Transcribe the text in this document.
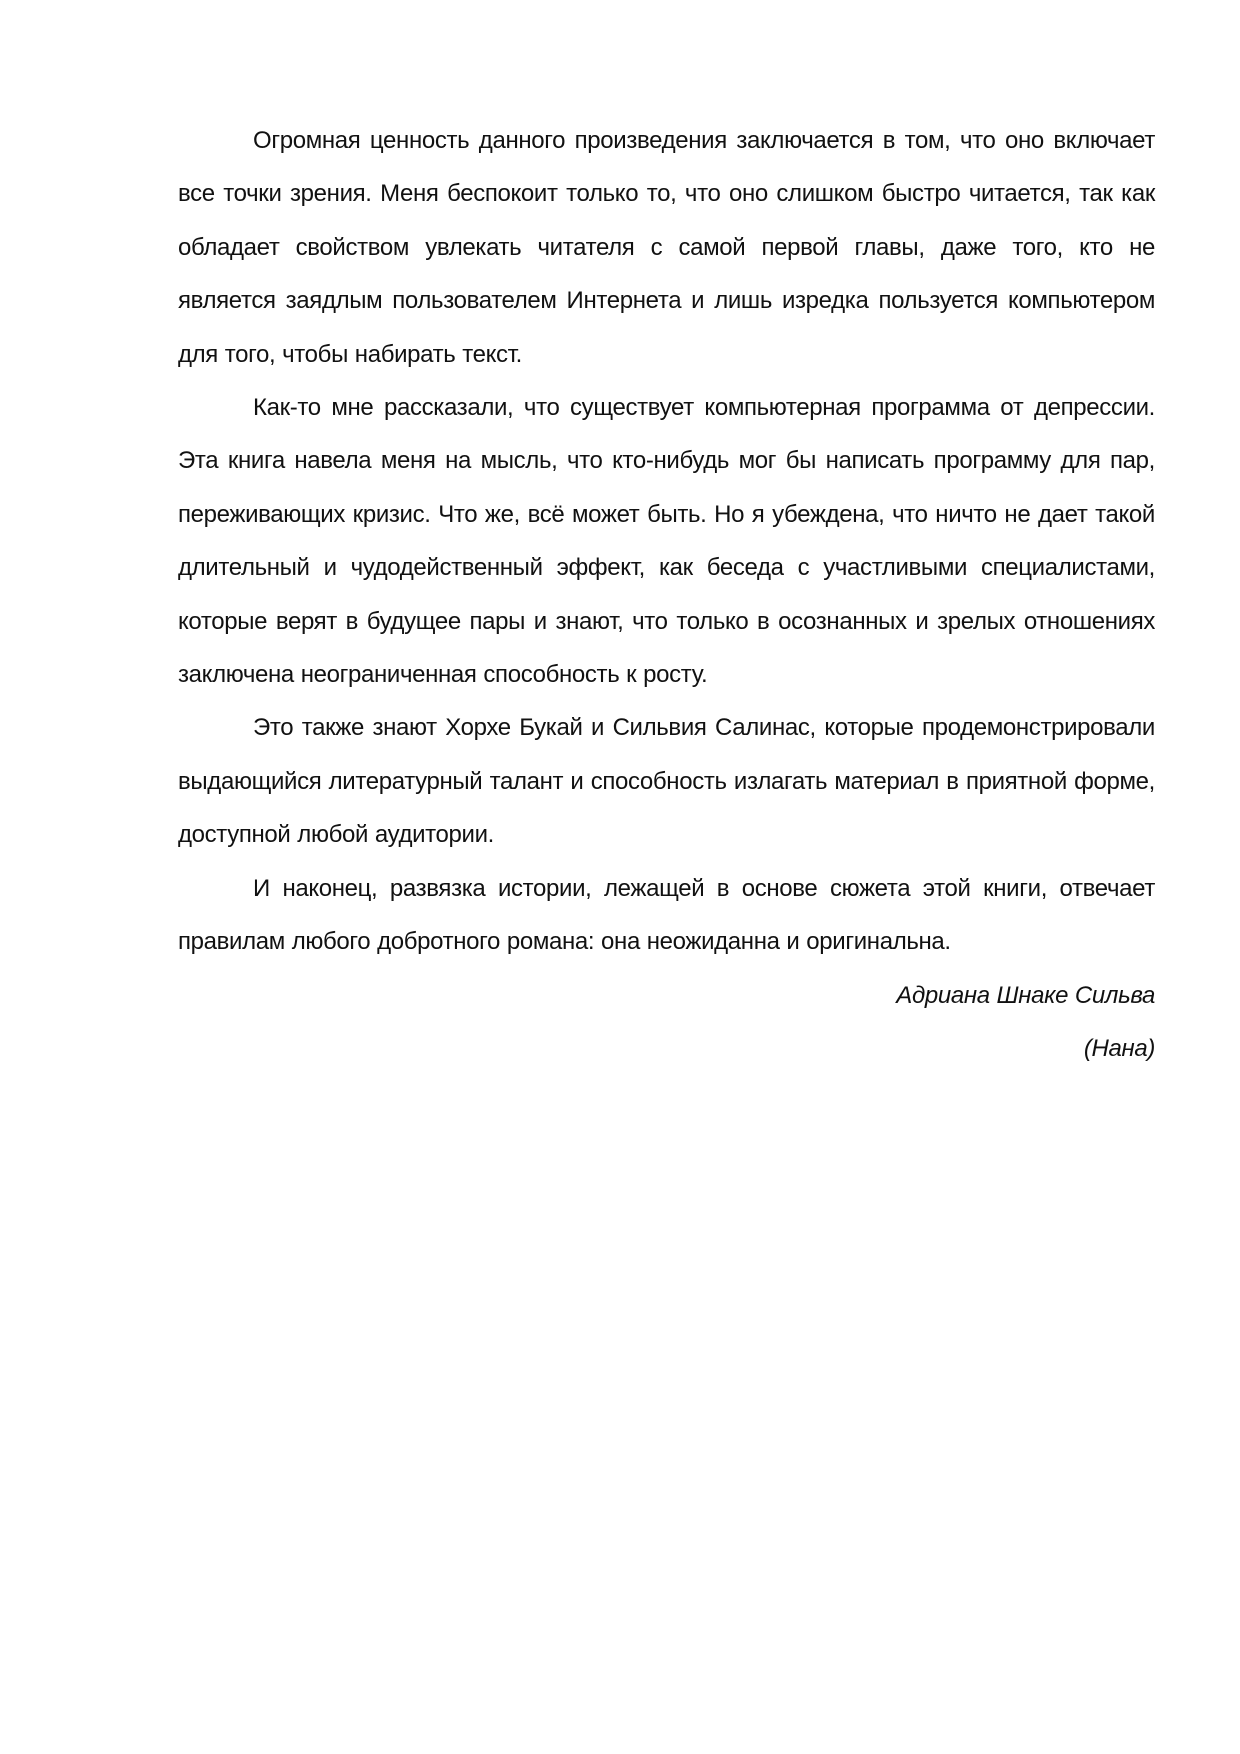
Огромная ценность данного произведения заключается в том, что оно включает все точки зрения. Меня беспокоит только то, что оно слишком быстро читается, так как обладает свойством увлекать читателя с самой первой главы, даже того, кто не является заядлым пользователем Интернета и лишь изредка пользуется компьютером для того, чтобы набирать текст.

Как-то мне рассказали, что существует компьютерная программа от депрессии. Эта книга навела меня на мысль, что кто-нибудь мог бы написать программу для пар, переживающих кризис. Что же, всё может быть. Но я убеждена, что ничто не дает такой длительный и чудодейственный эффект, как беседа с участливыми специалистами, которые верят в будущее пары и знают, что только в осознанных и зрелых отношениях заключена неограниченная способность к росту.

Это также знают Хорхе Букай и Сильвия Салинас, которые продемонстрировали выдающийся литературный талант и способность излагать материал в приятной форме, доступной любой аудитории.

И наконец, развязка истории, лежащей в основе сюжета этой книги, отвечает правилам любого добротного романа: она неожиданна и оригинальна.

Адриана Шнаке Сильва

(Нана)
